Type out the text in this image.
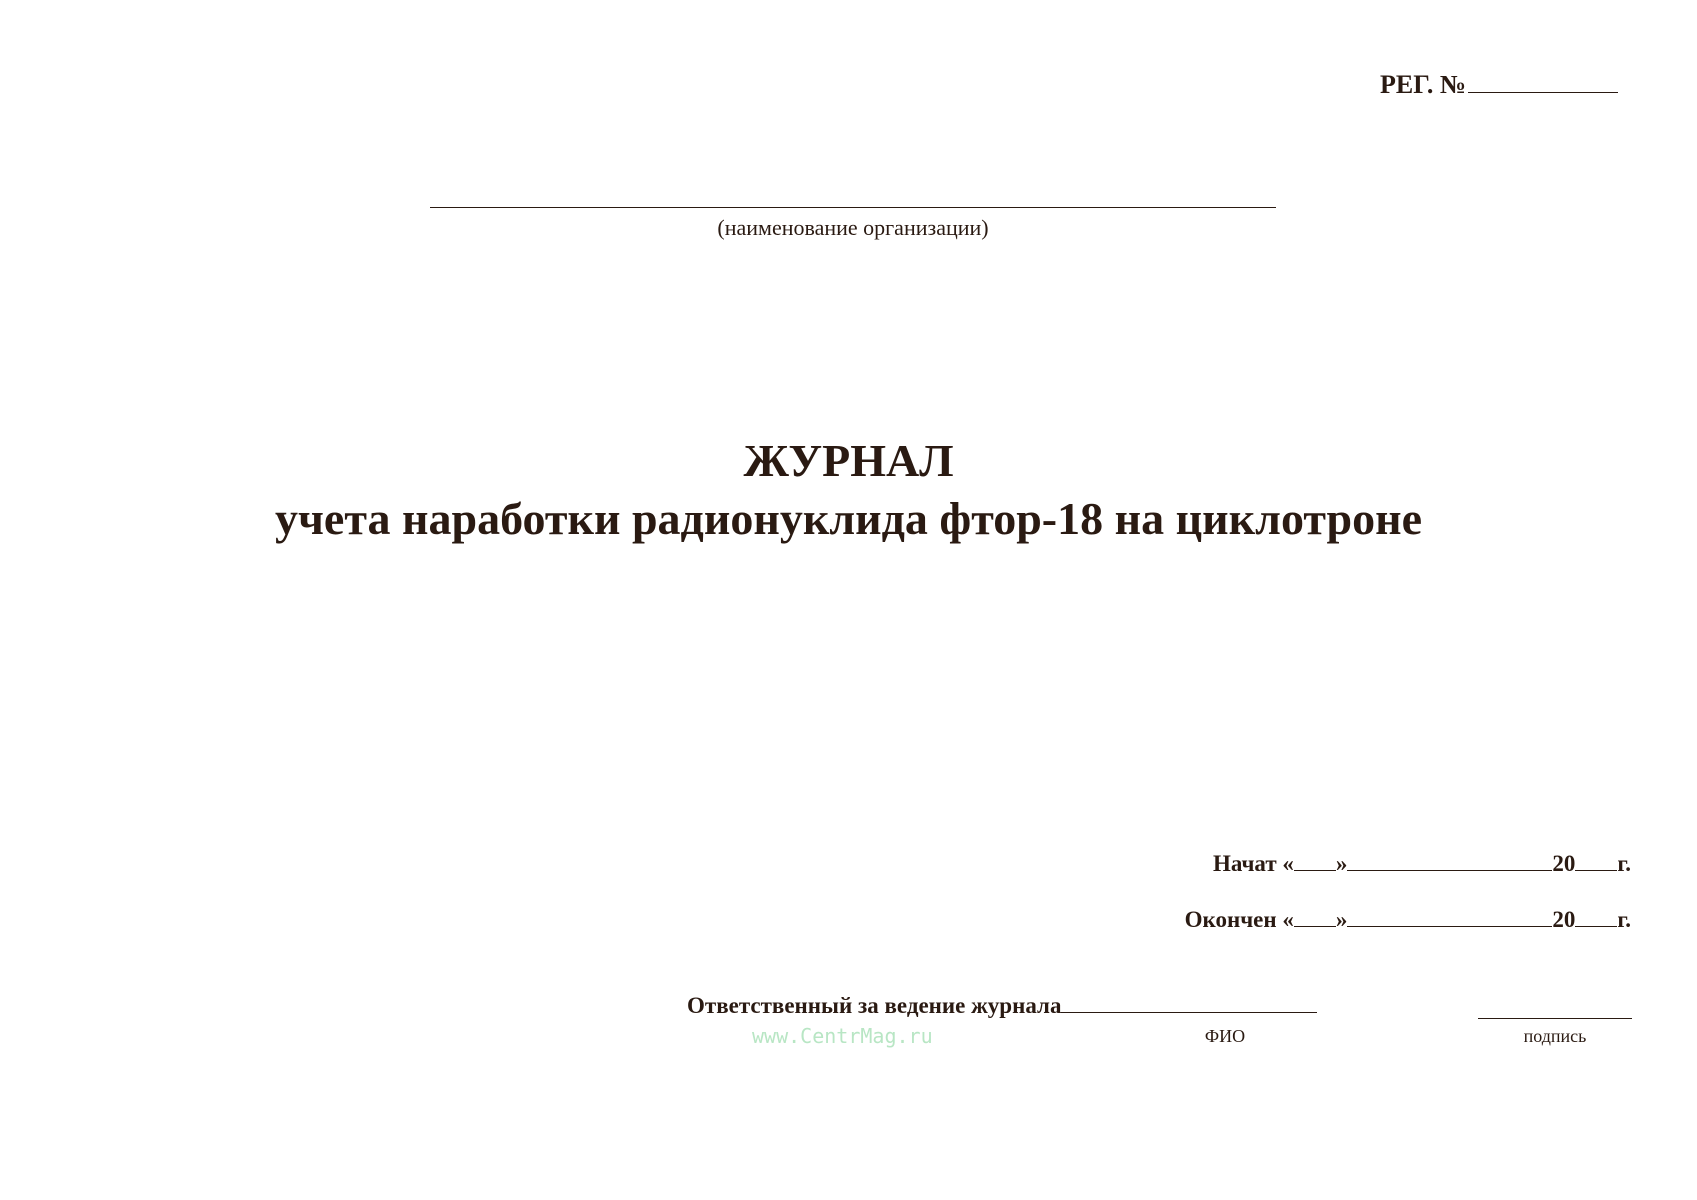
РЕГ. №
(наименование организации)
ЖУРНАЛ
учета наработки радионуклида фтор-18 на циклотроне
Начат « »	20 г.
Окончен « »	20 г.
Ответственный за ведение журнала
www.CentrMag.ru	ФИО	подпись
